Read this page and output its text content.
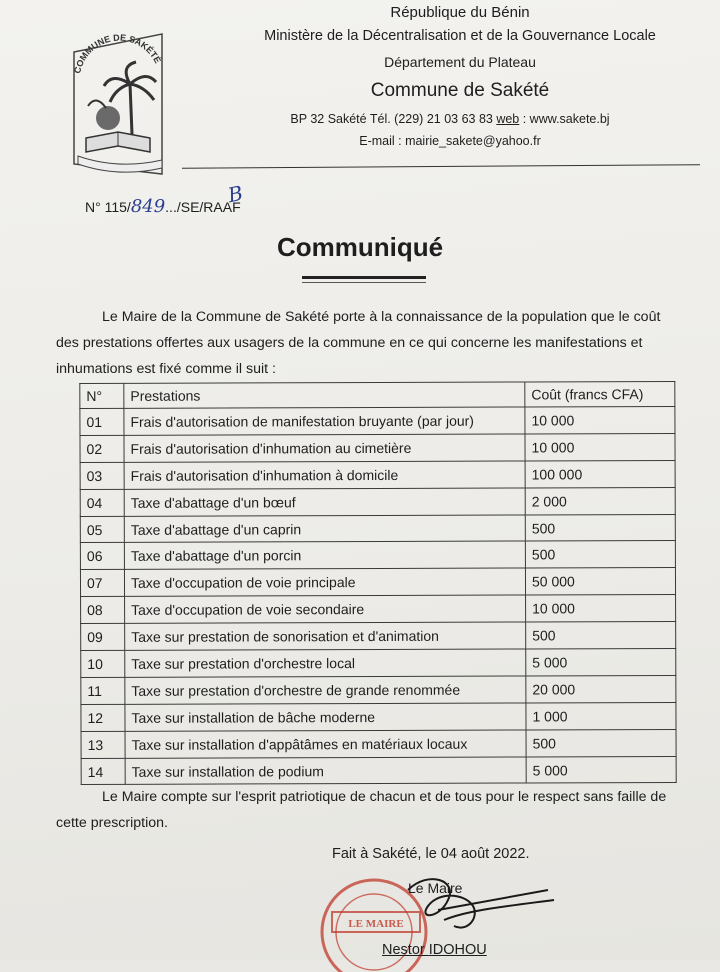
COMMUNE DE SAKÉTÉ
République du Bénin
Ministère de la Décentralisation et de la Gouvernance Locale
Département du Plateau
Commune de Sakété
BP 32 Sakété Tél. (229) 21 03 63 83 web : www.sakete.bj
E-mail : mairie_sakete@yahoo.fr
N° 115/849.../SE/RAAF
B
Communiqué
Le Maire de la Commune de Sakété porte à la connaissance de la population que le coût des prestations offertes aux usagers de la commune en ce qui concerne les manifestations et inhumations est fixé comme il suit :
N°	Prestations	Coût (francs CFA)
01	Frais d'autorisation de manifestation bruyante (par jour)	10 000
02	Frais d'autorisation d'inhumation au cimetière	10 000
03	Frais d'autorisation d'inhumation à domicile	100 000
04	Taxe d'abattage d'un bœuf	2 000
05	Taxe d'abattage d'un caprin	500
06	Taxe d'abattage d'un porcin	500
07	Taxe d'occupation de voie principale	50 000
08	Taxe d'occupation de voie secondaire	10 000
09	Taxe sur prestation de sonorisation et d'animation	500
10	Taxe sur prestation d'orchestre local	5 000
11	Taxe sur prestation d'orchestre de grande renommée	20 000
12	Taxe sur installation de bâche moderne	1 000
13	Taxe sur installation d'appâtâmes en matériaux locaux	500
14	Taxe sur installation de podium	5 000
Le Maire compte sur l'esprit patriotique de chacun et de tous pour le respect sans faille de cette prescription.
Fait à Sakété, le 04 août 2022.
LE MAIRE
Le Maire
Nestor IDOHOU
